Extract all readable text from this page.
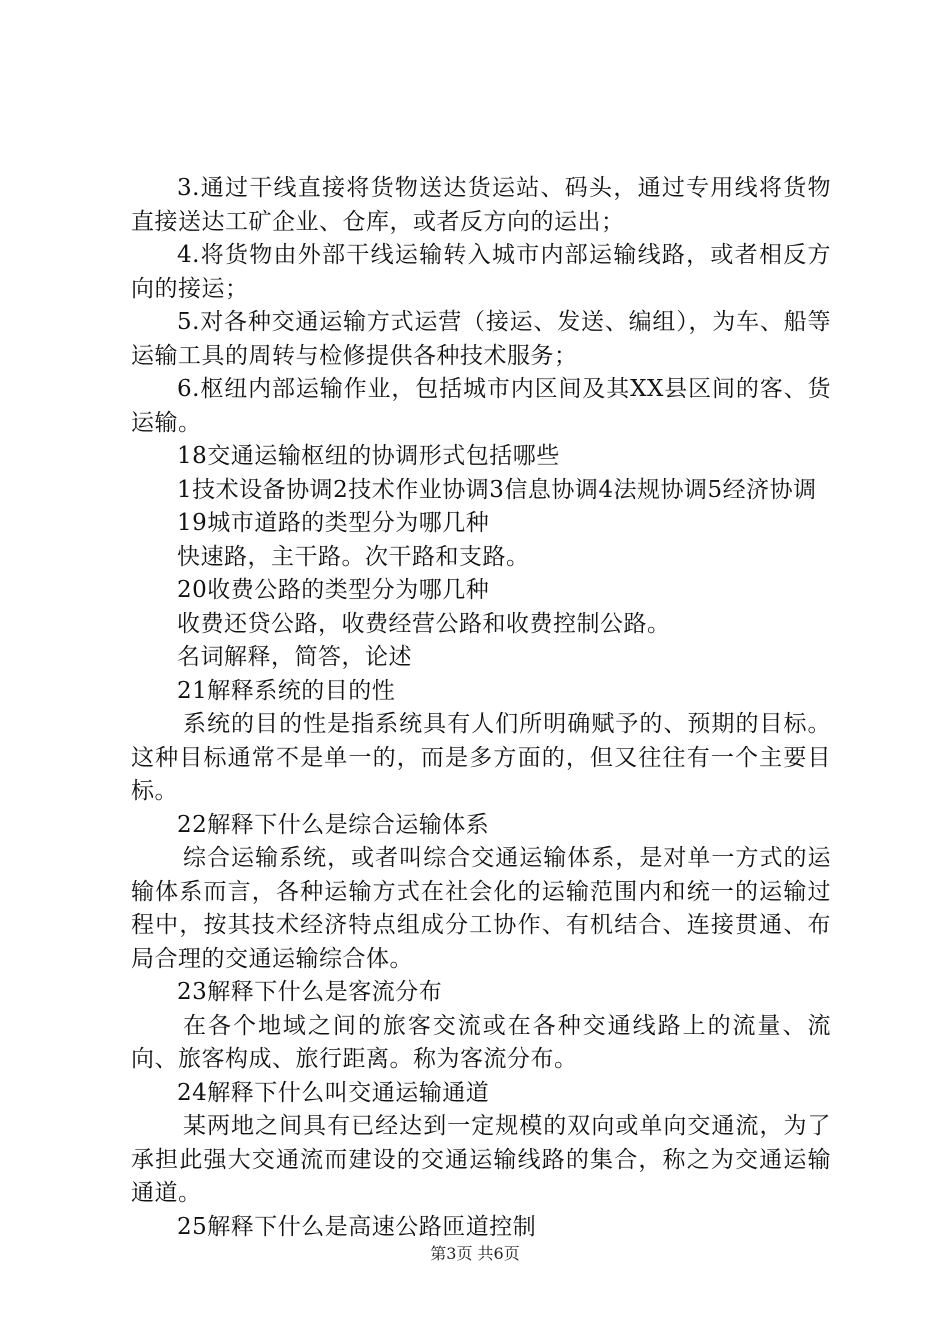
3.通过干线直接将货物送达货运站、码头，通过专用线将货物直接送达工矿企业、仓库，或者反方向的运出；

4.将货物由外部干线运输转入城市内部运输线路，或者相反方向的接运；

5.对各种交通运输方式运营（接运、发送、编组），为车、船等运输工具的周转与检修提供各种技术服务；

6.枢纽内部运输作业，包括城市内区间及其XX县区间的客、货运输。

18交通运输枢纽的协调形式包括哪些

1技术设备协调2技术作业协调3信息协调4法规协调5经济协调

19城市道路的类型分为哪几种

快速路，主干路。次干路和支路。

20收费公路的类型分为哪几种

收费还贷公路，收费经营公路和收费控制公路。

名词解释，简答，论述

21解释系统的目的性

系统的目的性是指系统具有人们所明确赋予的、预期的目标。这种目标通常不是单一的，而是多方面的，但又往往有一个主要目标。

22解释下什么是综合运输体系

综合运输系统，或者叫综合交通运输体系，是对单一方式的运输体系而言，各种运输方式在社会化的运输范围内和统一的运输过程中，按其技术经济特点组成分工协作、有机结合、连接贯通、布局合理的交通运输综合体。

23解释下什么是客流分布

在各个地域之间的旅客交流或在各种交通线路上的流量、流向、旅客构成、旅行距离。称为客流分布。

24解释下什么叫交通运输通道

某两地之间具有已经达到一定规模的双向或单向交通流，为了承担此强大交通流而建设的交通运输线路的集合，称之为交通运输通道。

25解释下什么是高速公路匝道控制

第3页 共6页
